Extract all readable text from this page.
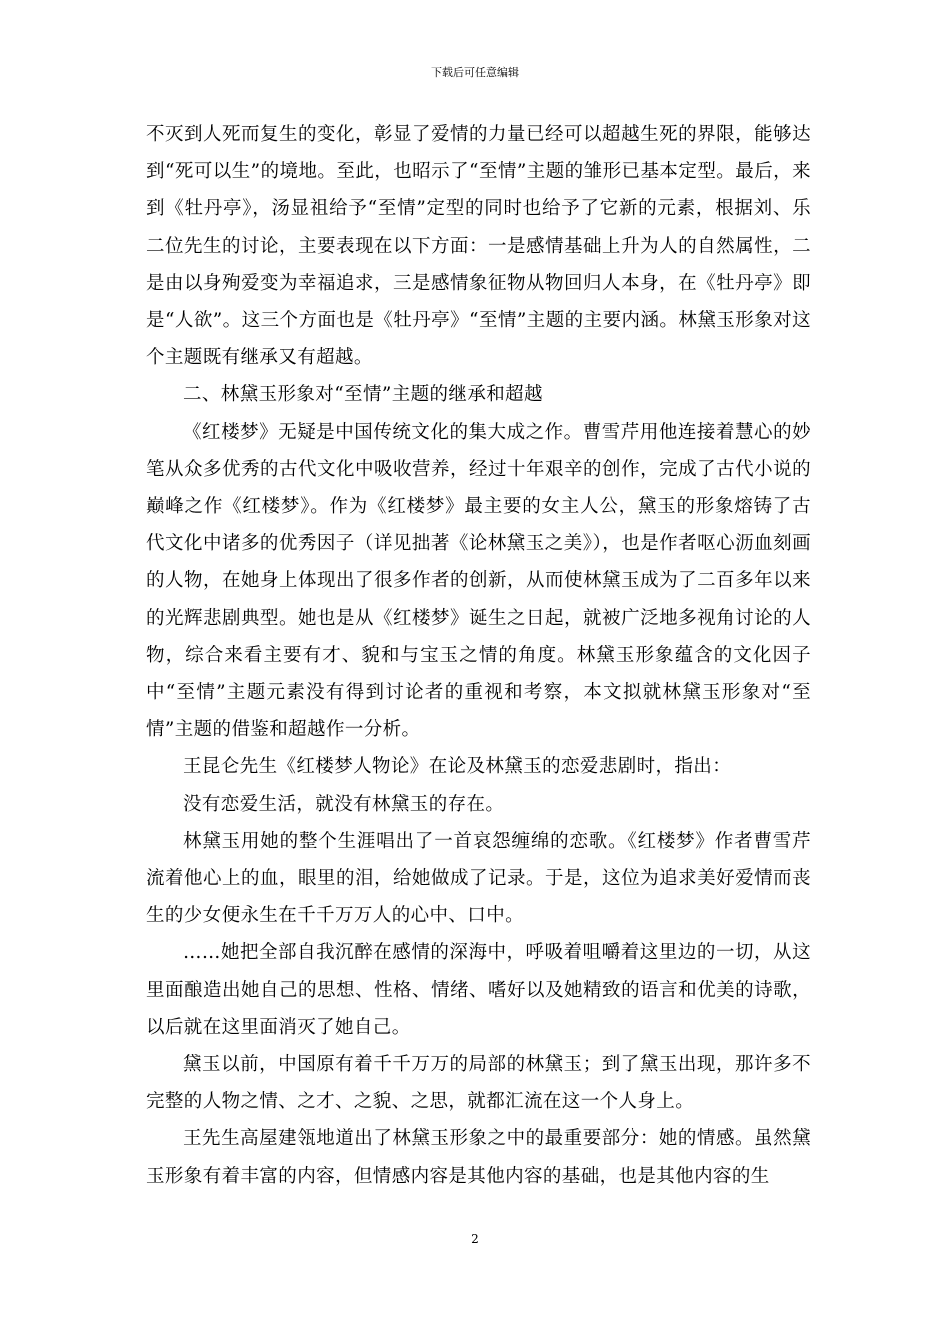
下载后可任意编辑

不灭到人死而复生的变化，彰显了爱情的力量已经可以超越生死的界限，能够达到“死可以生”的境地。至此，也昭示了“至情”主题的雏形已基本定型。最后，来到《牡丹亭》，汤显祖给予“至情”定型的同时也给予了它新的元素，根据刘、乐二位先生的讨论，主要表现在以下方面：一是感情基础上升为人的自然属性，二是由以身殉爱变为幸福追求，三是感情象征物从物回归人本身，在《牡丹亭》即是“人欲”。这三个方面也是《牡丹亭》“至情”主题的主要内涵。林黛玉形象对这个主题既有继承又有超越。

二、林黛玉形象对“至情”主题的继承和超越

《红楼梦》无疑是中国传统文化的集大成之作。曹雪芹用他连接着慧心的妙笔从众多优秀的古代文化中吸收营养，经过十年艰辛的创作，完成了古代小说的巅峰之作《红楼梦》。作为《红楼梦》最主要的女主人公，黛玉的形象熔铸了古代文化中诸多的优秀因子（详见拙著《论林黛玉之美》），也是作者呕心沥血刻画的人物，在她身上体现出了很多作者的创新，从而使林黛玉成为了二百多年以来的光辉悲剧典型。她也是从《红楼梦》诞生之日起，就被广泛地多视角讨论的人物，综合来看主要有才、貌和与宝玉之情的角度。林黛玉形象蕴含的文化因子中“至情”主题元素没有得到讨论者的重视和考察，本文拟就林黛玉形象对“至情”主题的借鉴和超越作一分析。

王昆仑先生《红楼梦人物论》在论及林黛玉的恋爱悲剧时，指出：

没有恋爱生活，就没有林黛玉的存在。

林黛玉用她的整个生涯唱出了一首哀怨缠绵的恋歌。《红楼梦》作者曹雪芹流着他心上的血，眼里的泪，给她做成了记录。于是，这位为追求美好爱情而丧生的少女便永生在千千万万人的心中、口中。

……她把全部自我沉醉在感情的深海中，呼吸着咀嚼着这里边的一切，从这里面酿造出她自己的思想、性格、情绪、嗜好以及她精致的语言和优美的诗歌，以后就在这里面消灭了她自己。

黛玉以前，中国原有着千千万万的局部的林黛玉；到了黛玉出现，那许多不完整的人物之情、之才、之貌、之思，就都汇流在这一个人身上。

王先生高屋建瓴地道出了林黛玉形象之中的最重要部分：她的情感。虽然黛玉形象有着丰富的内容，但情感内容是其他内容的基础，也是其他内容的生

2
